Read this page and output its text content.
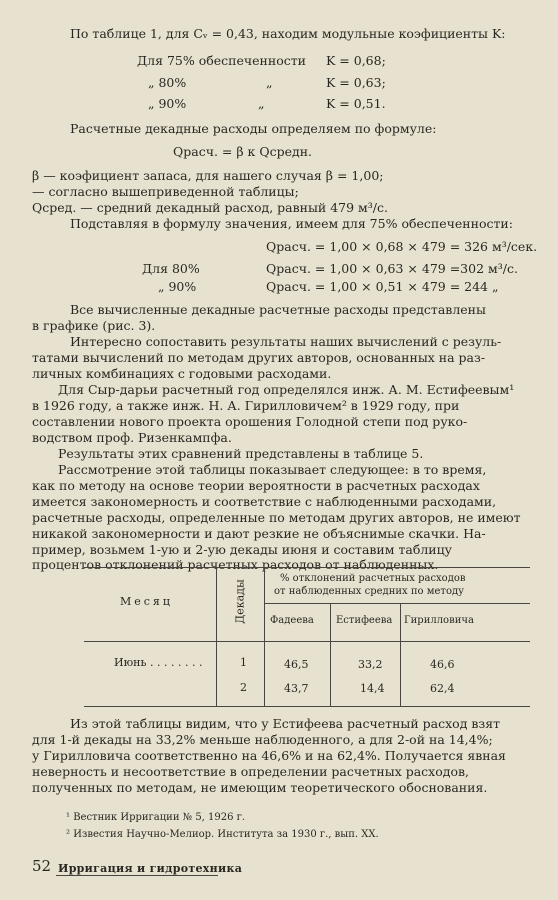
По таблице 1, для Cᵥ = 0,43, находим модульные коэфициенты K:
Для 75% обеспеченности K = 0,68;
„ 80%	„	K = 0,63;
„ 90%	„	K = 0,51.
Расчетные декадные расходы определяем по формуле:
Qрасч. = β к Qсредн.
β — коэфициент запаса, для нашего случая β = 1,00;
— согласно вышеприведенной таблицы;
Qсред. — средний декадный расход, равный 479 м³/с.
Подставляя в формулу значения, имеем для 75% обеспеченности:
Qрасч. = 1,00 × 0,68 × 479 = 326 м³/сек.
Для 80%	Qрасч. = 1,00 × 0,63 × 479 =302 м³/с.
„ 90%	Qрасч. = 1,00 × 0,51 × 479 = 244 „
Все вычисленные декадные расчетные расходы представлены
в графике (рис. 3).
Интересно сопоставить результаты наших вычислений с резуль-
татами вычислений по методам других авторов, основанных на раз-
личных комбинациях с годовыми расходами.
Для Сыр-дарьи расчетный год определялся инж. А. М. Естифеевым¹
в 1926 году, а также инж. Н. А. Гирилловичем² в 1929 году, при
составлении нового проекта орошения Голодной степи под руко-
водством проф. Ризенкампфа.
Результаты этих сравнений представлены в таблице 5.
Рассмотрение этой таблицы показывает следующее: в то время,
как по методу на основе теории вероятности в расчетных расходах
имеется закономерность и соответствие с наблюденными расходами,
расчетные расходы, определенные по методам других авторов, не имеют
никакой закономерности и дают резкие не объяснимые скачки. На-
пример, возьмем 1-ую и 2-ую декады июня и составим таблицу
процентов отклонений расчетных расходов от наблюденных.
Месяц	Декады
% отклонений расчетных расходов
от наблюденных средних по методу
Фадеева Естифеева Гирилловича
Июнь . . . . . . . .	1	46,5	33,2	46,6
2	43,7	14,4	62,4
Из этой таблицы видим, что у Естифеева расчетный расход взят
для 1-й декады на 33,2% меньше наблюденного, а для 2-ой на 14,4%;
у Гирилловича соответственно на 46,6% и на 62,4%. Получается явная
неверность и несоответствие в определении расчетных расходов,
полученных по методам, не имеющим теоретического обоснования.
¹ Вестник Ирригации № 5, 1926 г.
² Известия Научно-Мелиор. Института за 1930 г., вып. XX.
52 Ирригация и гидротехника
